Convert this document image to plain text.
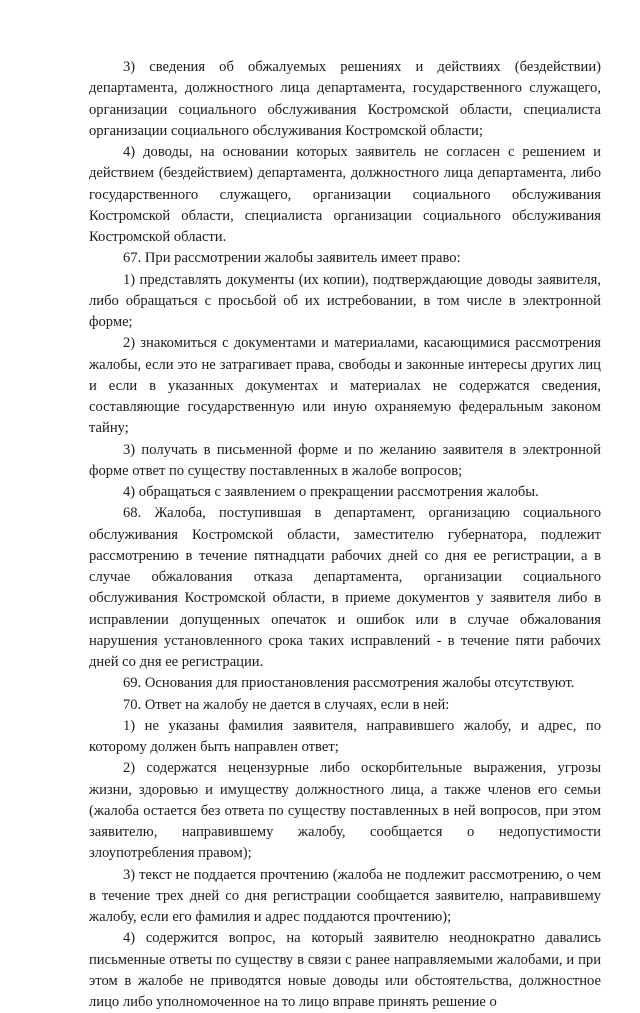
3) сведения об обжалуемых решениях и действиях (бездействии) департамента, должностного лица департамента, государственного служащего, организации социального обслуживания Костромской области, специалиста организации социального обслуживания Костромской области;

4) доводы, на основании которых заявитель не согласен с решением и действием (бездействием) департамента, должностного лица департамента, либо государственного служащего, организации социального обслуживания Костромской области, специалиста организации социального обслуживания Костромской области.

67. При рассмотрении жалобы заявитель имеет право:

1) представлять документы (их копии), подтверждающие доводы заявителя, либо обращаться с просьбой об их истребовании, в том числе в электронной форме;

2) знакомиться с документами и материалами, касающимися рассмотрения жалобы, если это не затрагивает права, свободы и законные интересы других лиц и если в указанных документах и материалах не содержатся сведения, составляющие государственную или иную охраняемую федеральным законом тайну;

3) получать в письменной форме и по желанию заявителя в электронной форме ответ по существу поставленных в жалобе вопросов;

4) обращаться с заявлением о прекращении рассмотрения жалобы.

68. Жалоба, поступившая в департамент, организацию социального обслуживания Костромской области, заместителю губернатора, подлежит рассмотрению в течение пятнадцати рабочих дней со дня ее регистрации, а в случае обжалования отказа департамента, организации социального обслуживания Костромской области, в приеме документов у заявителя либо в исправлении допущенных опечаток и ошибок или в случае обжалования нарушения установленного срока таких исправлений - в течение пяти рабочих дней со дня ее регистрации.

69. Основания для приостановления рассмотрения жалобы отсутствуют.

70. Ответ на жалобу не дается в случаях, если в ней:

1) не указаны фамилия заявителя, направившего жалобу, и адрес, по которому должен быть направлен ответ;

2) содержатся нецензурные либо оскорбительные выражения, угрозы жизни, здоровью и имуществу должностного лица, а также членов его семьи (жалоба остается без ответа по существу поставленных в ней вопросов, при этом заявителю, направившему жалобу, сообщается о недопустимости злоупотребления правом);

3) текст не поддается прочтению (жалоба не подлежит рассмотрению, о чем в течение трех дней со дня регистрации сообщается заявителю, направившему жалобу, если его фамилия и адрес поддаются прочтению);

4) содержится вопрос, на который заявителю неоднократно давались письменные ответы по существу в связи с ранее направляемыми жалобами, и при этом в жалобе не приводятся новые доводы или обстоятельства, должностное лицо либо уполномоченное на то лицо вправе принять решение о
